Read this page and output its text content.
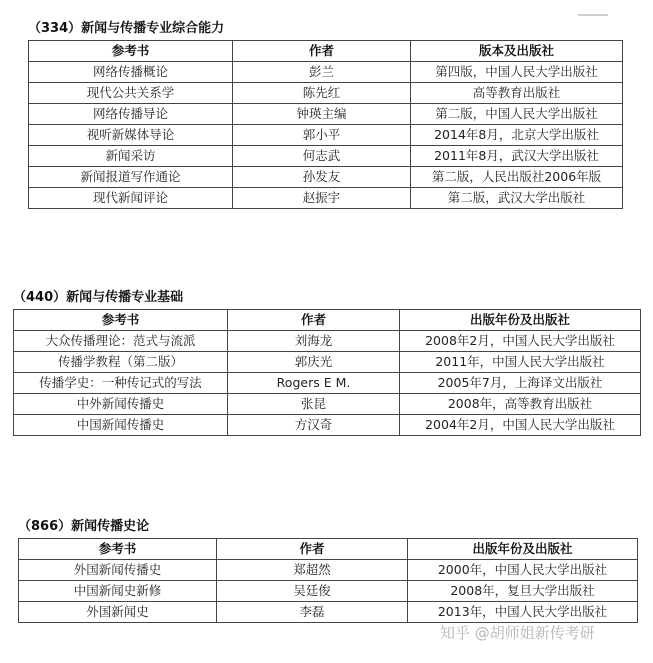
（334）新闻与传播专业综合能力
参考书	作者	版本及出版社
网络传播概论	彭兰	第四版，中国人民大学出版社
现代公共关系学	陈先红	高等教育出版社
网络传播导论	钟瑛主编	第二版，中国人民大学出版社
视听新媒体导论	郭小平	2014年8月，北京大学出版社
新闻采访	何志武	2011年8月，武汉大学出版社
新闻报道写作通论	孙发友	第二版，人民出版社2006年版
现代新闻评论	赵振宇	第二版，武汉大学出版社
（440）新闻与传播专业基础
参考书	作者	出版年份及出版社
大众传播理论：范式与流派	刘海龙	2008年2月，中国人民大学出版社
传播学教程（第二版）	郭庆光	2011年，中国人民大学出版社
传播学史：一种传记式的写法	Rogers E M.	2005年7月，上海译文出版社
中外新闻传播史	张昆	2008年，高等教育出版社
中国新闻传播史	方汉奇	2004年2月，中国人民大学出版社
（866）新闻传播史论
参考书	作者	出版年份及出版社
外国新闻传播史	郑超然	2000年，中国人民大学出版社
中国新闻史新修	吴廷俊	2008年，复旦大学出版社
外国新闻史	李磊	2013年，中国人民大学出版社
知乎 @胡师姐新传考研
